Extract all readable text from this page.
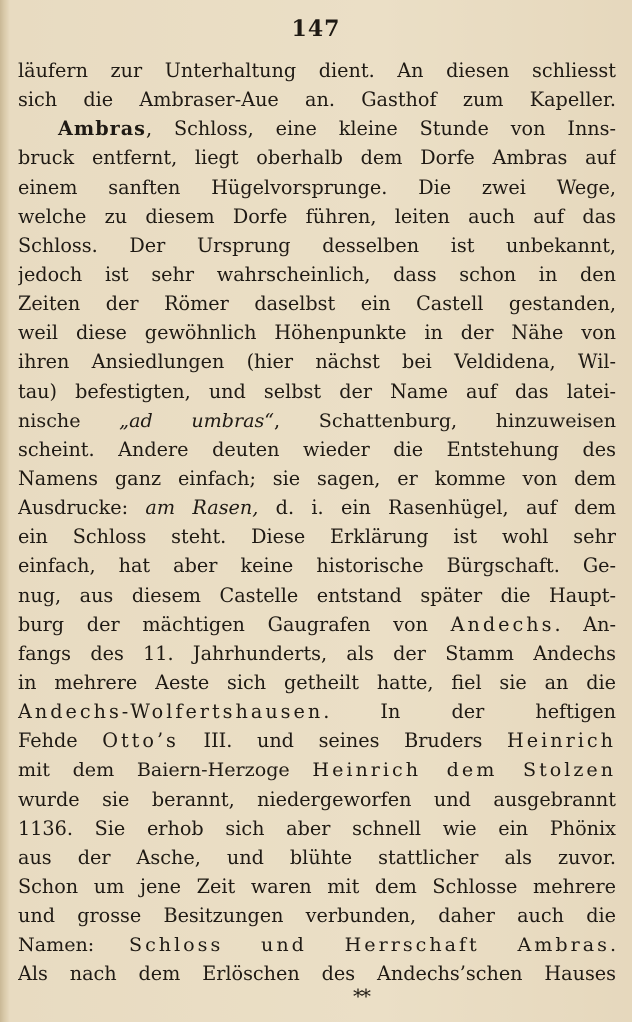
147
läufern zur Unterhaltung dient. An diesen schliesst
sich die Ambraser-Aue an. Gasthof zum Kapeller.
Ambras, Schloss, eine kleine Stunde von Inns-
bruck entfernt, liegt oberhalb dem Dorfe Ambras auf
einem sanften Hügelvorsprunge. Die zwei Wege,
welche zu diesem Dorfe führen, leiten auch auf das
Schloss. Der Ursprung desselben ist unbekannt,
jedoch ist sehr wahrscheinlich, dass schon in den
Zeiten der Römer daselbst ein Castell gestanden,
weil diese gewöhnlich Höhenpunkte in der Nähe von
ihren Ansiedlungen (hier nächst bei Veldidena, Wil-
tau) befestigten, und selbst der Name auf das latei-
nische „ad umbras“, Schattenburg, hinzuweisen
scheint. Andere deuten wieder die Entstehung des
Namens ganz einfach; sie sagen, er komme von dem
Ausdrucke: am Rasen, d. i. ein Rasenhügel, auf dem
ein Schloss steht. Diese Erklärung ist wohl sehr
einfach, hat aber keine historische Bürgschaft. Ge-
nug, aus diesem Castelle entstand später die Haupt-
burg der mächtigen Gaugrafen von Andechs. An-
fangs des 11. Jahrhunderts, als der Stamm Andechs
in mehrere Aeste sich getheilt hatte, fiel sie an die
Andechs-Wolfertshausen. In der heftigen
Fehde Otto’s III. und seines Bruders Heinrich
mit dem Baiern-Herzoge Heinrich dem Stolzen
wurde sie berannt, niedergeworfen und ausgebrannt
1136. Sie erhob sich aber schnell wie ein Phönix
aus der Asche, und blühte stattlicher als zuvor.
Schon um jene Zeit waren mit dem Schlosse mehrere
und grosse Besitzungen verbunden, daher auch die
Namen: Schloss und Herrschaft Ambras.
Als nach dem Erlöschen des Andechs’schen Hauses
**
